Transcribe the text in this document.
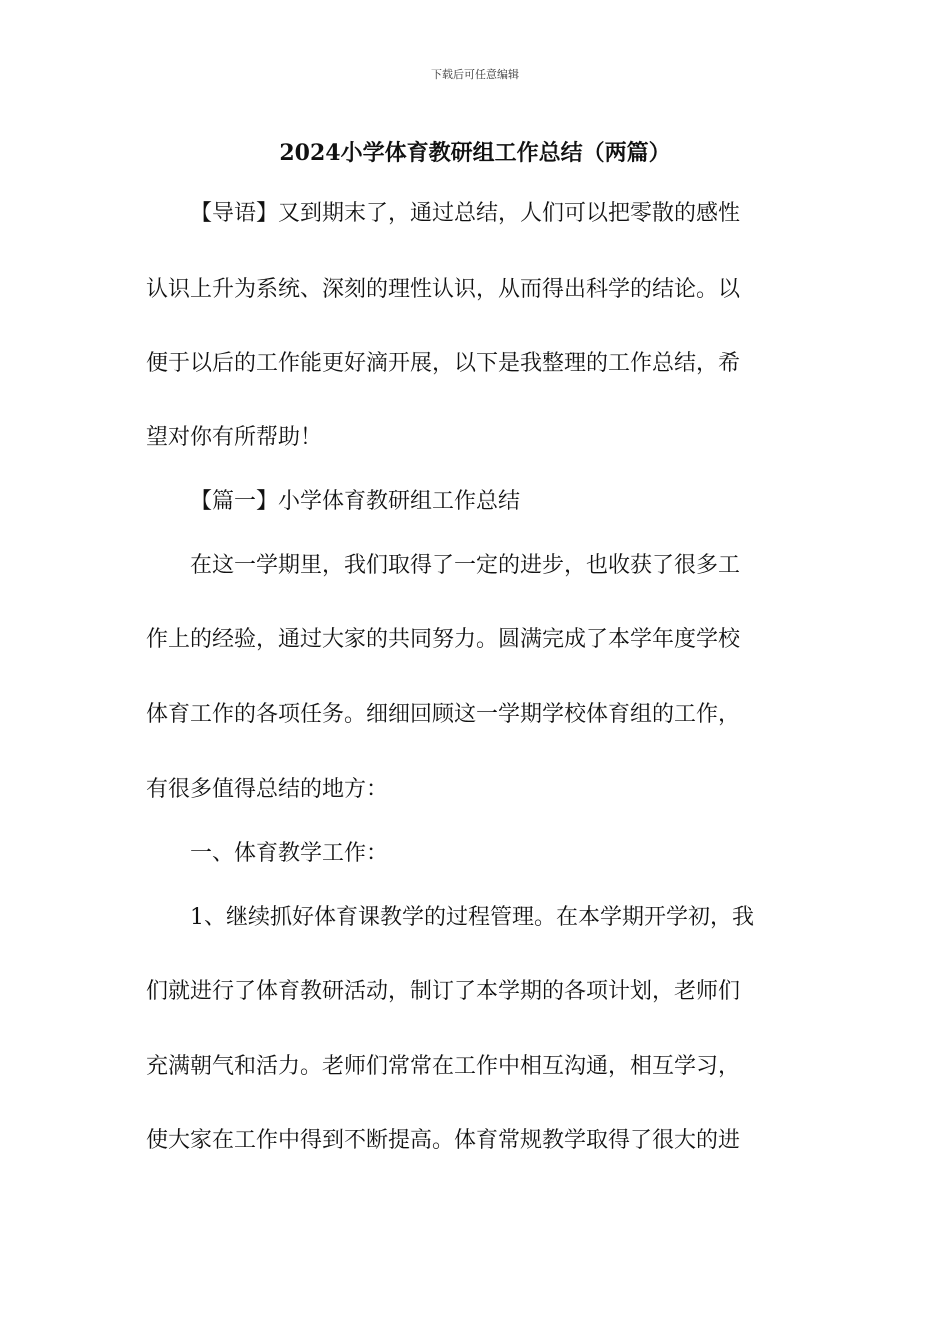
下载后可任意编辑
2024小学体育教研组工作总结（两篇）
【导语】又到期末了，通过总结，人们可以把零散的感性
认识上升为系统、深刻的理性认识，从而得出科学的结论。以
便于以后的工作能更好滴开展，以下是我整理的工作总结，希
望对你有所帮助！
【篇一】小学体育教研组工作总结
在这一学期里，我们取得了一定的进步，也收获了很多工
作上的经验，通过大家的共同努力。圆满完成了本学年度学校
体育工作的各项任务。细细回顾这一学期学校体育组的工作，
有很多值得总结的地方：
一、体育教学工作：
1、继续抓好体育课教学的过程管理。在本学期开学初，我
们就进行了体育教研活动，制订了本学期的各项计划，老师们
充满朝气和活力。老师们常常在工作中相互沟通，相互学习，
使大家在工作中得到不断提高。体育常规教学取得了很大的进
